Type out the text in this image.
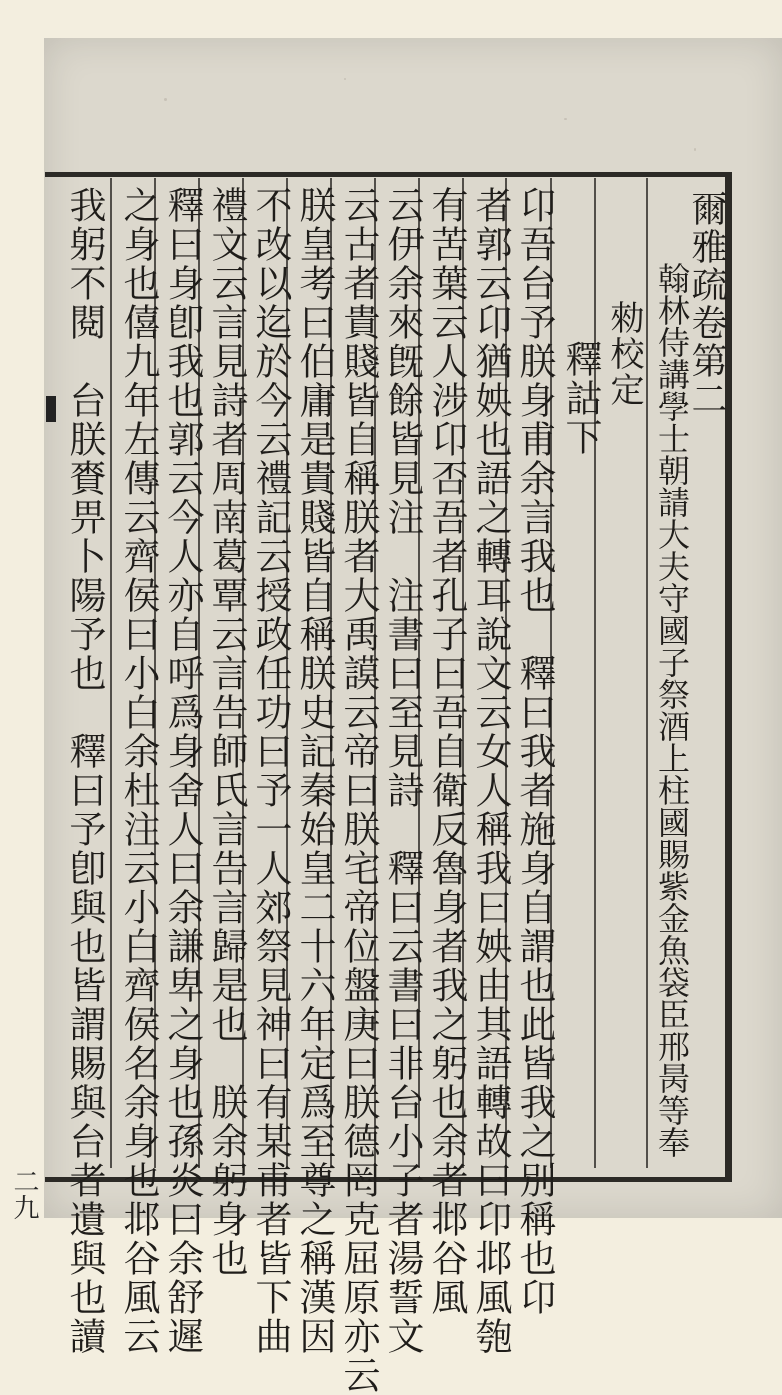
爾雅疏卷第二
翰林侍講學士朝請大夫守國子祭酒上柱國賜紫金魚袋臣邢昺等奉
勑校定
釋詁下
卬吾台予朕身甫余言我也　釋曰我者施身自謂也此皆我之別稱也卬
者郭云卬猶姎也語之轉耳說文云女人稱我曰姎由其語轉故曰卬邶風匏
有苦葉云人涉卬否吾者孔子曰吾自衛反魯身者我之躬也余者邶谷風
云伊余來旣餘皆見注　注書曰至見詩　釋曰云書曰非台小子者湯誓文
云古者貴賤皆自稱朕者大禹謨云帝曰朕宅帝位盤庚曰朕德罔克屈原亦云
朕皇考曰伯庸是貴賤皆自稱朕史記秦始皇二十六年定爲至尊之稱漢因
不改以迄於今云禮記云授政任功曰予一人郊祭見神曰有某甫者皆下曲
禮文云言見詩者周南葛覃云言告師氏言告言歸是也　朕余躬身也
釋曰身卽我也郭云今人亦自呼爲身舍人曰余謙卑之身也孫炎曰余舒遲
之身也僖九年左傳云齊侯曰小白余杜注云小白齊侯名余身也邶谷風云
我躬不閱　台朕賚畀卜陽予也　釋曰予卽與也皆謂賜與台者遺與也讀
二九
